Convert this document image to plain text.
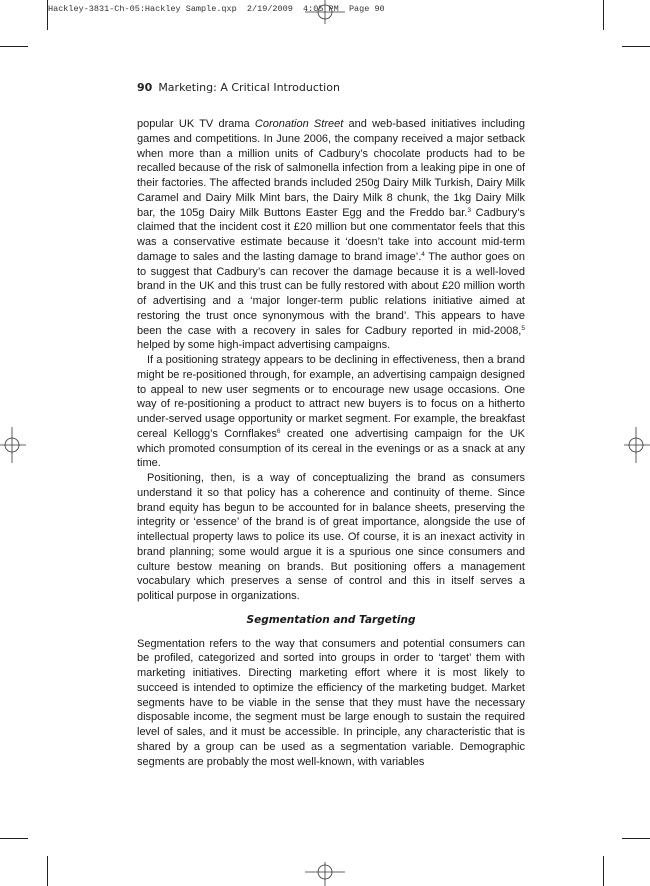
Hackley-3831-Ch-05:Hackley Sample.qxp  2/19/2009  4:05 PM  Page 90
90 Marketing: A Critical Introduction

popular UK TV drama Coronation Street and web-based initiatives including games and competitions. In June 2006, the company received a major setback when more than a million units of Cadbury’s chocolate products had to be recalled because of the risk of salmonella infection from a leaking pipe in one of their factories. The affected brands included 250g Dairy Milk Turkish, Dairy Milk Caramel and Dairy Milk Mint bars, the Dairy Milk 8 chunk, the 1kg Dairy Milk bar, the 105g Dairy Milk Buttons Easter Egg and the Freddo bar.$^3$ Cadbury’s claimed that the incident cost it £20 million but one commentator feels that this was a conservative estimate because it ‘doesn’t take into account mid-term damage to sales and the lasting damage to brand image’.$^4$ The author goes on to suggest that Cadbury’s can recover the damage because it is a well-loved brand in the UK and this trust can be fully restored with about £20 million worth of advertising and a ‘major longer-term public relations initiative aimed at restoring the trust once synonymous with the brand’. This appears to have been the case with a recovery in sales for Cadbury reported in mid-2008,$^5$ helped by some high-impact advertising campaigns.

If a positioning strategy appears to be declining in effectiveness, then a brand might be re-positioned through, for example, an advertising campaign designed to appeal to new user segments or to encourage new usage occasions. One way of re-positioning a product to attract new buyers is to focus on a hitherto under-served usage opportunity or market segment. For example, the breakfast cereal Kellogg’s Cornflakes$^6$ created one advertising campaign for the UK which promoted consumption of its cereal in the evenings or as a snack at any time.

Positioning, then, is a way of conceptualizing the brand as consumers understand it so that policy has a coherence and continuity of theme. Since brand equity has begun to be accounted for in balance sheets, preserving the integrity or ‘essence’ of the brand is of great importance, alongside the use of intellectual property laws to police its use. Of course, it is an inexact activity in brand planning; some would argue it is a spurious one since consumers and culture bestow meaning on brands. But positioning offers a management vocabulary which preserves a sense of control and this in itself serves a political purpose in organizations.

Segmentation and Targeting

Segmentation refers to the way that consumers and potential consumers can be profiled, categorized and sorted into groups in order to ‘target’ them with marketing initiatives. Directing marketing effort where it is most likely to succeed is intended to optimize the efficiency of the marketing budget. Market segments have to be viable in the sense that they must have the necessary disposable income, the segment must be large enough to sustain the required level of sales, and it must be accessible. In principle, any characteristic that is shared by a group can be used as a segmentation variable. Demographic segments are probably the most well-known, with variables
